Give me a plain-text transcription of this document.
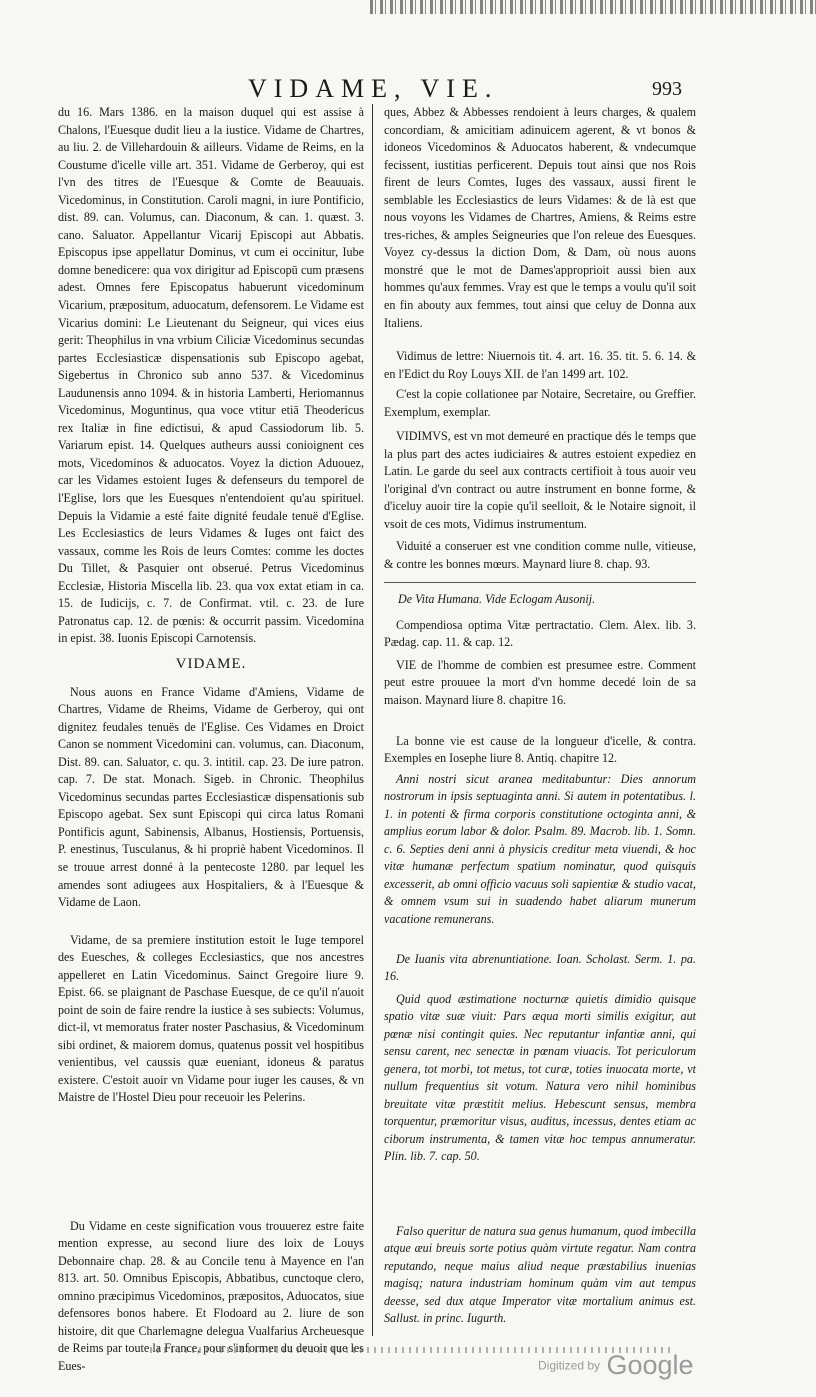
VIDAME, VIE.	993

du 16. Mars 1386. en la maison duquel qui est assise à Chalons, l'Euesque dudit lieu a la iustice. Vidame de Chartres, au liu. 2. de Villehardouin & ailleurs. Vidame de Reims, en la Coustume d'icelle ville art. 351. Vidame de Gerberoy, qui est l'vn des titres de l'Euesque & Comte de Beauuais. Vicedominus, in Constitution. Caroli magni, in iure Pontificio, dist. 89. can. Volumus, can. Diaconum, & can. 1. quæst. 3. cano. Saluator. Appellantur Vicarij Episcopi aut Abbatis. Episcopus ipse appellatur Dominus, vt cum ei occinitur, Iube domne benedicere: qua vox dirigitur ad Episcopū cum præsens adest. Omnes fere Episcopatus habuerunt vicedominum Vicarium, præpositum, aduocatum, defensorem. Le Vidame est Vicarius domini: Le Lieutenant du Seigneur, qui vices eius gerit: Theophilus in vna vrbium Ciliciæ Vicedominus secundas partes Ecclesiasticæ dispensationis sub Episcopo agebat, Sigebertus in Chronico sub anno 537. & Vicedominus Laudunensis anno 1094. & in historia Lamberti, Heriomannus Vicedominus, Moguntinus, qua voce vtitur etiā Theodericus rex Italiæ in fine edictisui, & apud Cassiodorum lib. 5. Variarum epist. 14. Quelques autheurs aussi conioignent ces mots, Vicedominos & aduocatos. Voyez la diction Aduouez, car les Vidames estoient Iuges & defenseurs du temporel de l'Eglise, lors que les Euesques n'entendoient qu'au spirituel. Depuis la Vidamie a esté faite dignité feudale tenuë d'Eglise. Les Ecclesiastics de leurs Vidames & Iuges ont faict des vassaux, comme les Rois de leurs Comtes: comme les doctes Du Tillet, & Pasquier ont obserué. Petrus Vicedominus Ecclesiæ, Historia Miscella lib. 23. qua vox extat etiam in ca. 15. de Iudicijs, c. 7. de Confirmat. vtil. c. 23. de Iure Patronatus cap. 12. de pœnis: & occurrit passim. Vicedomina in epist. 38. Iuonis Episcopi Carnotensis.

VIDAME.

Nous auons en France Vidame d'Amiens, Vidame de Chartres, Vidame de Rheims, Vidame de Gerberoy, qui ont dignitez feudales tenuës de l'Eglise. Ces Vidames en Droict Canon se nomment Vicedomini can. volumus, can. Diaconum, Dist. 89. can. Saluator, c. qu. 3. intitil. cap. 23. De iure patron. cap. 7. De stat. Monach. Sigeb. in Chronic. Theophilus Vicedominus secundas partes Ecclesiasticæ dispensationis sub Episcopo agebat. Sex sunt Episcopi qui circa latus Romani Pontificis agunt, Sabinensis, Albanus, Hostiensis, Portuensis, P. enestinus, Tusculanus, & hi propriè habent Vicedominos. Il se trouue arrest donné à la pentecoste 1280. par lequel les amendes sont adiugees aux Hospitaliers, & à l'Euesque & Vidame de Laon.

Vidame, de sa premiere institution estoit le Iuge temporel des Euesches, & colleges Ecclesiastics, que nos ancestres appelleret en Latin Vicedominus. Sainct Gregoire liure 9. Epist. 66. se plaignant de Paschase Euesque, de ce qu'il n'auoit point de soin de faire rendre la iustice à ses subiects: Volumus, dict-il, vt memoratus frater noster Paschasius, & Vicedominum sibi ordinet, & maiorem domus, quatenus possit vel hospitibus venientibus, vel caussis quæ eueniant, idoneus & paratus existere. C'estoit auoir vn Vidame pour iuger les causes, & vn Maistre de l'Hostel Dieu pour receuoir les Pelerins.

Du Vidame en ceste signification vous trouuerez estre faite mention expresse, au second liure des loix de Louys Debonnaire chap. 28. & au Concile tenu à Mayence en l'an 813. art. 50. Omnibus Episcopis, Abbatibus, cunctoque clero, omnino præcipimus Vicedominos, præpositos, Aduocatos, siue defensores bonos habere. Et Flodoard au 2. liure de son histoire, dit que Charlemagne delegua Vualfarius Archeuesque de Reims par toute la France, pour s'informer du deuoir que les Eues-

ques, Abbez & Abbesses rendoient à leurs charges, & qualem concordiam, & amicitiam adinuicem agerent, & vt bonos & idoneos Vicedominos & Aduocatos haberent, & vndecumque fecissent, iustitias perficerent. Depuis tout ainsi que nos Rois firent de leurs Comtes, Iuges des vassaux, aussi firent le semblable les Ecclesiastics de leurs Vidames: & de là est que nous voyons les Vidames de Chartres, Amiens, & Reims estre tres-riches, & amples Seigneuries que l'on releue des Euesques. Voyez cy-dessus la diction Dom, & Dam, où nous auons monstré que le mot de Dames'approprioit aussi bien aux hommes qu'aux femmes. Vray est que le temps a voulu qu'il soit en fin abouty aux femmes, tout ainsi que celuy de Donna aux Italiens.

Vidimus de lettre: Niuernois tit. 4. art. 16. 35. tit. 5. 6. 14. & en l'Edict du Roy Louys XII. de l'an 1499 art. 102.

C'est la copie collationee par Notaire, Secretaire, ou Greffier. Exemplum, exemplar.

VIDIMVS, est vn mot demeuré en practique dés le temps que la plus part des actes iudiciaires & autres estoient expediez en Latin. Le garde du seel aux contracts certifioit à tous auoir veu l'original d'vn contract ou autre instrument en bonne forme, & d'iceluy auoir tire la copie qu'il seelloit, & le Notaire signoit, il vsoit de ces mots, Vidimus instrumentum.

Viduité a conseruer est vne condition comme nulle, vitieuse, & contre les bonnes mœurs. Maynard liure 8. chap. 93.

De Vita Humana. Vide Eclogam Ausonij.

Compendiosa optima Vitæ pertractatio. Clem. Alex. lib. 3. Pædag. cap. 11. & cap. 12.

VIE de l'homme de combien est presumee estre. Comment peut estre prouuee la mort d'vn homme decedé loin de sa maison. Maynard liure 8. chapitre 16.

La bonne vie est cause de la longueur d'icelle, & contra. Exemples en Iosephe liure 8. Antiq. chapitre 12.

Anni nostri sicut aranea meditabuntur: Dies annorum nostrorum in ipsis septuaginta anni. Si autem in potentatibus. l. 1. in potenti & firma corporis constitutione octoginta anni, & amplius eorum labor & dolor. Psalm. 89. Macrob. lib. 1. Somn. c. 6. Septies deni anni à physicis creditur meta viuendi, & hoc vitæ humanæ perfectum spatium nominatur, quod quisquis excesserit, ab omni officio vacuus soli sapientiæ & studio vacat, & omnem vsum sui in suadendo habet aliarum munerum vacatione remunerans.

De Iuanis vita abrenuntiatione. Ioan. Scholast. Serm. 1. pa. 16.

Quid quod æstimatione nocturnæ quietis dimidio quisque spatio vitæ suæ viuit: Pars æqua morti similis exigitur, aut pœnæ nisi contingit quies. Nec reputantur infantiæ anni, qui sensu carent, nec senectæ in pœnam viuacis. Tot periculorum genera, tot morbi, tot metus, tot curæ, toties inuocata morte, vt nullum frequentius sit votum. Natura vero nihil hominibus breuitate vitæ præstitit melius. Hebescunt sensus, membra torquentur, præmoritur visus, auditus, incessus, dentes etiam ac ciborum instrumenta, & tamen vitæ hoc tempus annumeratur. Plin. lib. 7. cap. 50.

Falso queritur de natura sua genus humanum, quod imbecilla atque æui breuis sorte potius quàm virtute regatur. Nam contra reputando, neque maius aliud neque præstabilius inuenias magisq; natura industriam hominum quàm vim aut tempus deesse, sed dux atque Imperator vitæ mortalium animus est. Sallust. in princ. Iugurth.

Digitized by Google
